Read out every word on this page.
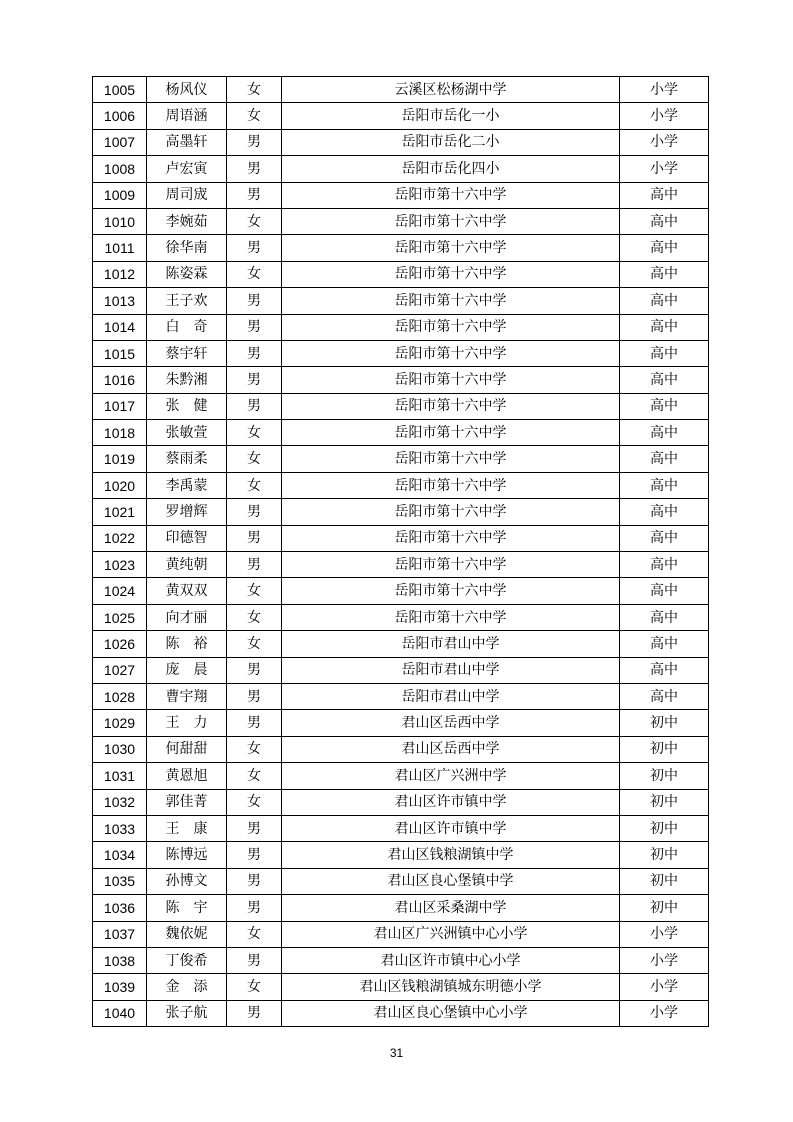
1005	杨风仪	女	云溪区松杨湖中学	小学
1006	周语涵	女	岳阳市岳化一小	小学
1007	高墨轩	男	岳阳市岳化二小	小学
1008	卢宏寅	男	岳阳市岳化四小	小学
1009	周司宬	男	岳阳市第十六中学	高中
1010	李婉茹	女	岳阳市第十六中学	高中
1011	徐华南	男	岳阳市第十六中学	高中
1012	陈姿霖	女	岳阳市第十六中学	高中
1013	王子欢	男	岳阳市第十六中学	高中
1014	白　奇	男	岳阳市第十六中学	高中
1015	蔡宇轩	男	岳阳市第十六中学	高中
1016	朱黔湘	男	岳阳市第十六中学	高中
1017	张　健	男	岳阳市第十六中学	高中
1018	张敏萱	女	岳阳市第十六中学	高中
1019	蔡雨柔	女	岳阳市第十六中学	高中
1020	李禹蒙	女	岳阳市第十六中学	高中
1021	罗增辉	男	岳阳市第十六中学	高中
1022	印德智	男	岳阳市第十六中学	高中
1023	黄纯朝	男	岳阳市第十六中学	高中
1024	黄双双	女	岳阳市第十六中学	高中
1025	向才丽	女	岳阳市第十六中学	高中
1026	陈　裕	女	岳阳市君山中学	高中
1027	庞　晨	男	岳阳市君山中学	高中
1028	曹宇翔	男	岳阳市君山中学	高中
1029	王　力	男	君山区岳西中学	初中
1030	何甜甜	女	君山区岳西中学	初中
1031	黄恩旭	女	君山区广兴洲中学	初中
1032	郭佳菁	女	君山区许市镇中学	初中
1033	王　康	男	君山区许市镇中学	初中
1034	陈博远	男	君山区钱粮湖镇中学	初中
1035	孙博文	男	君山区良心堡镇中学	初中
1036	陈　宇	男	君山区采桑湖中学	初中
1037	魏依妮	女	君山区广兴洲镇中心小学	小学
1038	丁俊希	男	君山区许市镇中心小学	小学
1039	金　添	女	君山区钱粮湖镇城东明德小学	小学
1040	张子航	男	君山区良心堡镇中心小学	小学
31
